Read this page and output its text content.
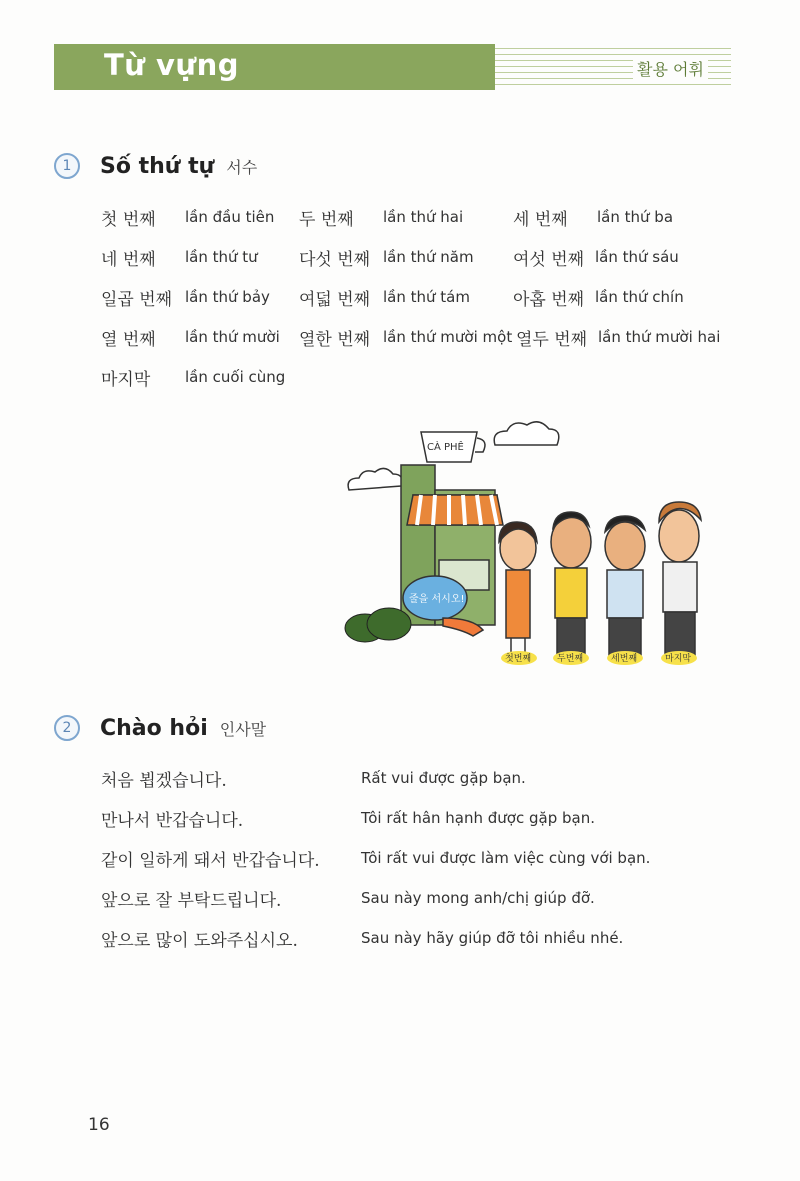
Từ vựng	활용 어휘
1	Số thứ tự 서수
첫 번째 lần đầu tiên 두 번째 lần thứ hai	세 번째 lần thứ ba
네 번째 lần thứ tư 다섯 번째 lần thứ năm 여섯 번째 lần thứ sáu
일곱 번째 lần thứ bảy 여덟 번째 lần thứ tám	아홉 번째 lần thứ chín
열 번째 lần thứ mười 열한 번째 lần thứ mười một 열두 번째 lần thứ mười hai
마지막 lần cuối cùng
CÀ PHÊ
줄을 서시오!
첫번째	두번째	세번째	마지막
2	Chào hỏi 인사말
처음 뵙겠습니다.	Rất vui được gặp bạn.
만나서 반갑습니다.	Tôi rất hân hạnh được gặp bạn.
같이 일하게 돼서 반갑습니다.	Tôi rất vui được làm việc cùng với bạn.
앞으로 잘 부탁드립니다.	Sau này mong anh/chị giúp đỡ.
앞으로 많이 도와주십시오.	Sau này hãy giúp đỡ tôi nhiều nhé.
16
